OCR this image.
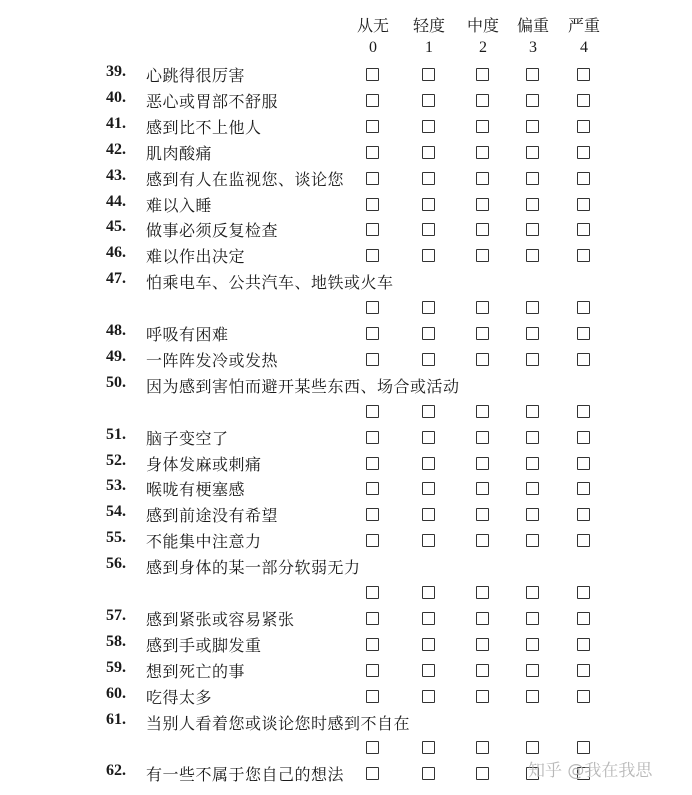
从无
0
轻度
1
中度
2
偏重
3
严重
4
39. 心跳得很厉害
40. 恶心或胃部不舒服
41. 感到比不上他人
42. 肌肉酸痛
43. 感到有人在监视您、谈论您
44. 难以入睡
45. 做事必须反复检查
46. 难以作出决定
47. 怕乘电车、公共汽车、地铁或火车
48. 呼吸有困难
49. 一阵阵发冷或发热
50. 因为感到害怕而避开某些东西、场合或活动
51. 脑子变空了
52. 身体发麻或刺痛
53. 喉咙有梗塞感
54. 感到前途没有希望
55. 不能集中注意力
56. 感到身体的某一部分软弱无力
57. 感到紧张或容易紧张
58. 感到手或脚发重
59. 想到死亡的事
60. 吃得太多
61. 当别人看着您或谈论您时感到不自在
62. 有一些不属于您自己的想法	知乎 @我在我思
